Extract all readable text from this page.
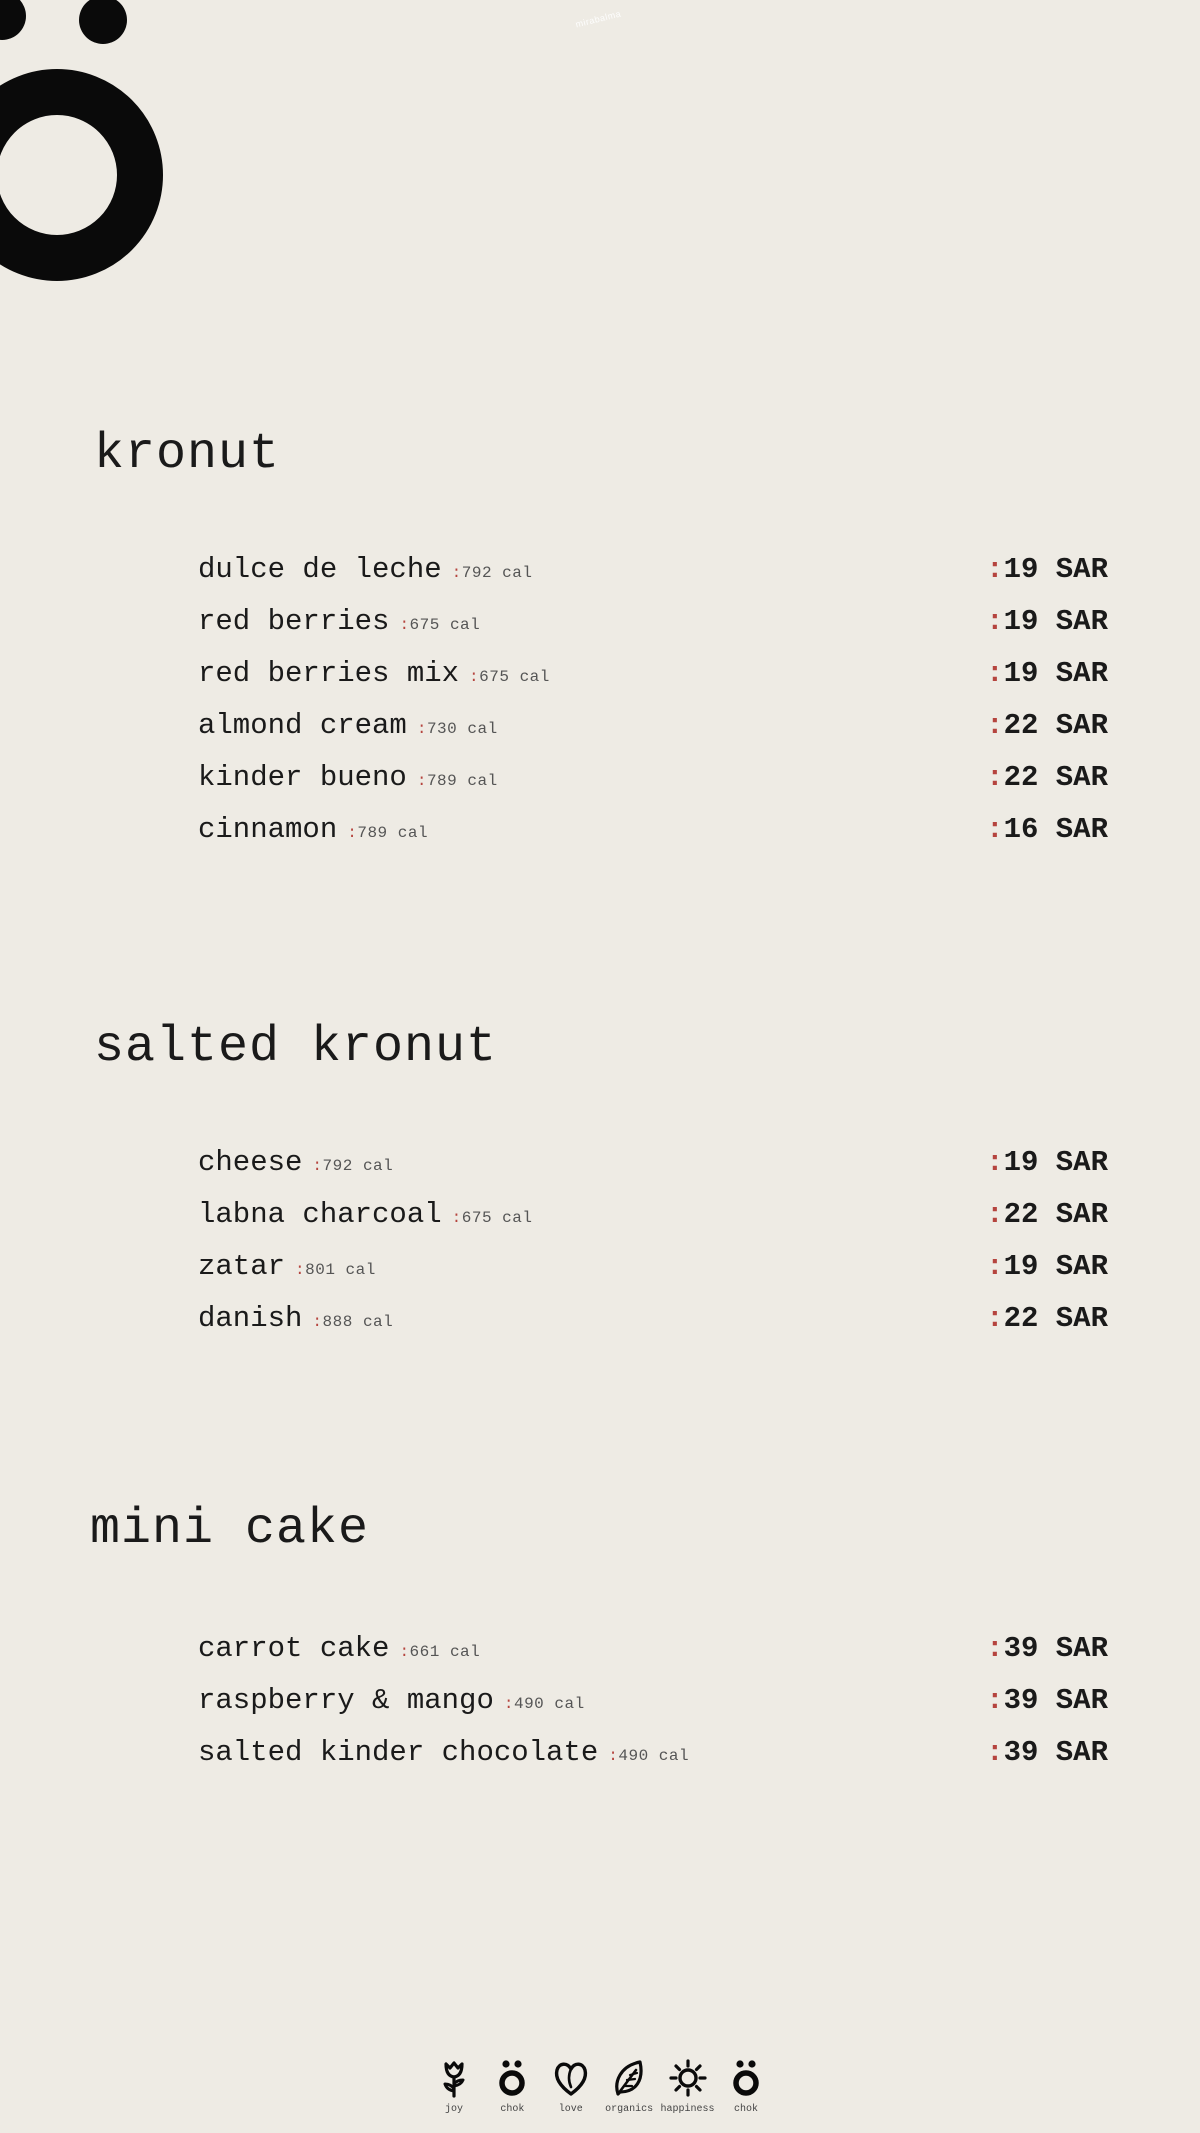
mirabalma
kronut
dulce de leche :792 cal	:19 SAR
red berries :675 cal	:19 SAR
red berries mix :675 cal	:19 SAR
almond cream :730 cal	:22 SAR
kinder bueno :789 cal	:22 SAR
cinnamon :789 cal	:16 SAR
salted kronut
cheese :792 cal	:19 SAR
labna charcoal :675 cal	:22 SAR
zatar :801 cal	:19 SAR
danish :888 cal	:22 SAR
mini cake
carrot cake :661 cal	:39 SAR
raspberry & mango :490 cal	:39 SAR
salted kinder chocolate :490 cal	:39 SAR
joy	chok	love organics happiness chok
